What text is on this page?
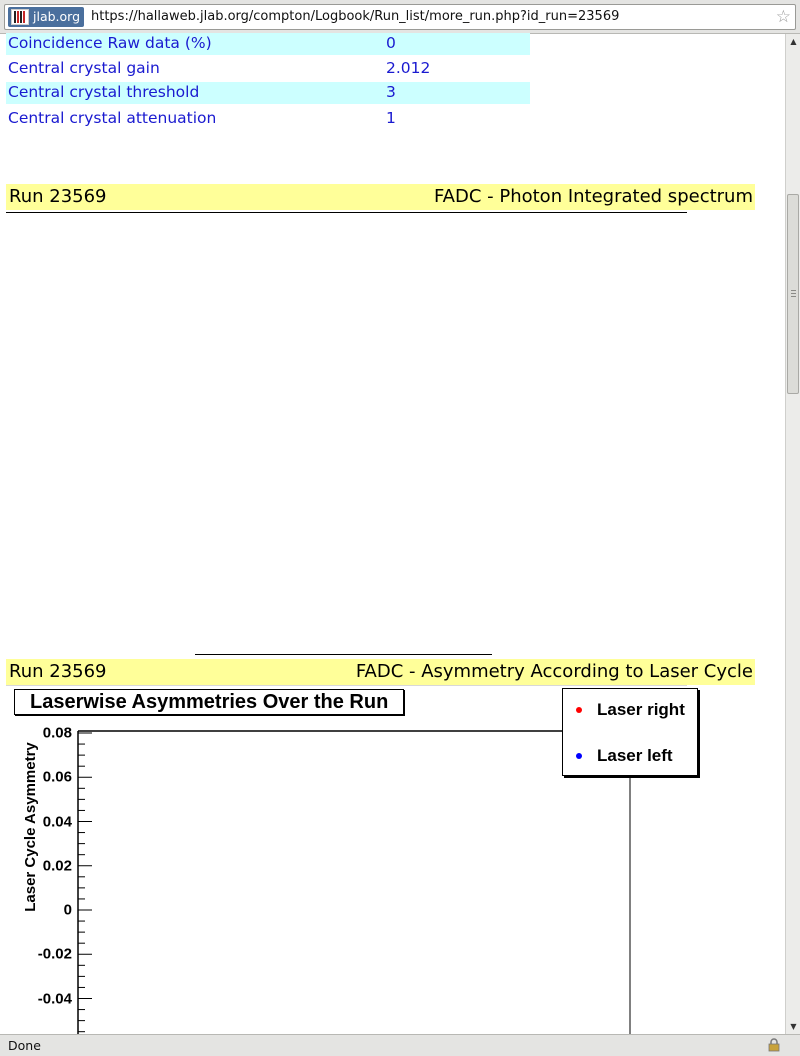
jlab.org https://hallaweb.jlab.org/compton/Logbook/Run_list/more_run.php?id_run=23569	☆
Coincidence Raw data (%)	0
Central crystal gain	2.012
Central crystal threshold	3
Central crystal attenuation	1
Run 23569	FADC - Photon Integrated spectrum
Run 23569	FADC - Asymmetry According to Laser Cycle
Laserwise Asymmetries Over the Run	Laser right
Laser left
Laser Cycle Asymmetry
0.08
0.06
0.04
0.02
0
-0.02
-0.04
▲
▼
Done
